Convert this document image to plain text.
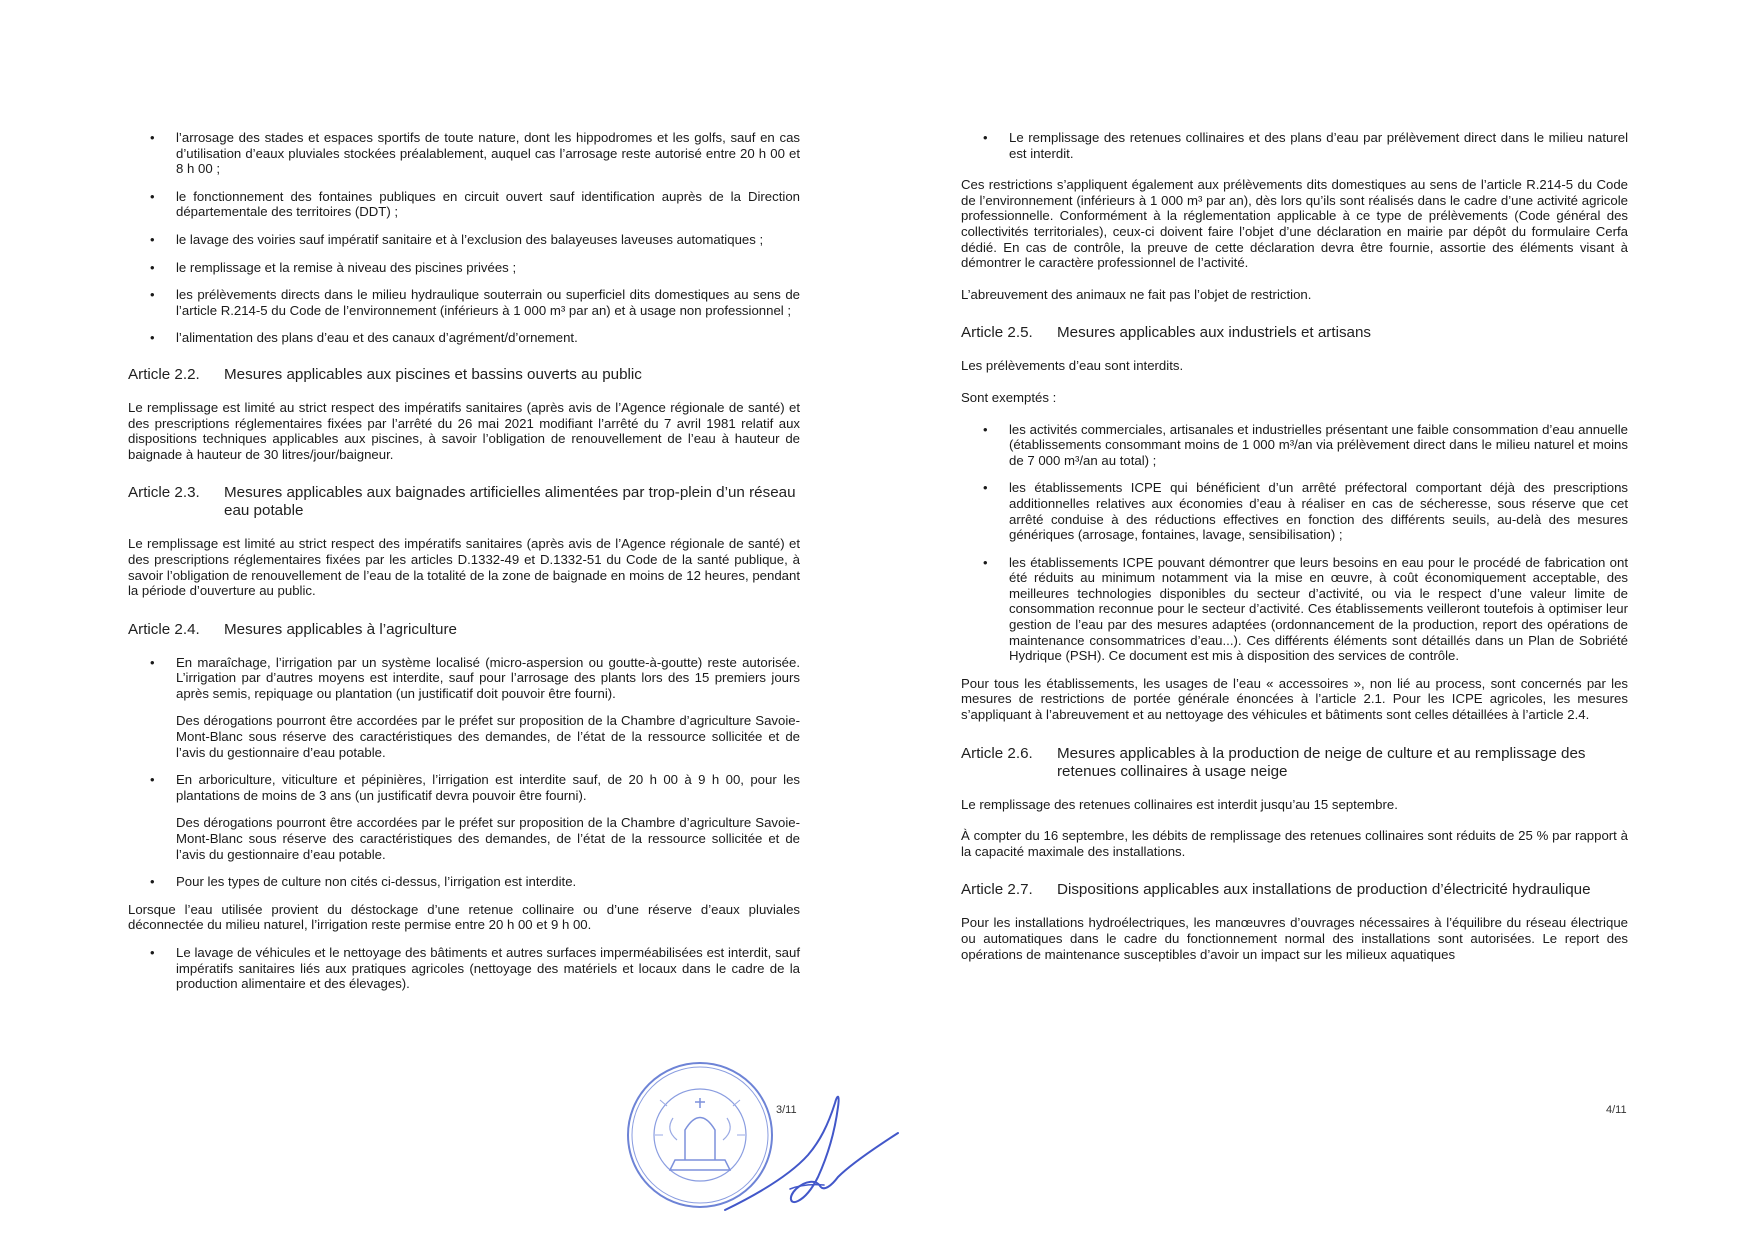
• l’arrosage des stades et espaces sportifs de toute nature, dont les hippodromes et les golfs, sauf en cas d’utilisation d’eaux pluviales stockées préalablement, auquel cas l’arrosage reste autorisé entre 20 h 00 et 8 h 00 ;
• le fonctionnement des fontaines publiques en circuit ouvert sauf identification auprès de la Direction départementale des territoires (DDT) ;
• le lavage des voiries sauf impératif sanitaire et à l’exclusion des balayeuses laveuses automatiques ;
• le remplissage et la remise à niveau des piscines privées ;
• les prélèvements directs dans le milieu hydraulique souterrain ou superficiel dits domestiques au sens de l’article R.214-5 du Code de l’environnement (inférieurs à 1 000 m³ par an) et à usage non professionnel ;
• l’alimentation des plans d’eau et des canaux d’agrément/d’ornement.
Article 2.2.	Mesures applicables aux piscines et bassins ouverts au public

Le remplissage est limité au strict respect des impératifs sanitaires (après avis de l’Agence régionale de santé) et des prescriptions réglementaires fixées par l’arrêté du 26 mai 2021 modifiant l’arrêté du 7 avril 1981 relatif aux dispositions techniques applicables aux piscines, à savoir l’obligation de renouvellement de l’eau à hauteur de baignade à hauteur de 30 litres/jour/baigneur.

Article 2.3.	Mesures applicables aux baignades artificielles alimentées par trop-plein d’un réseau eau potable

Le remplissage est limité au strict respect des impératifs sanitaires (après avis de l’Agence régionale de santé) et des prescriptions réglementaires fixées par les articles D.1332-49 et D.1332-51 du Code de la santé publique, à savoir l’obligation de renouvellement de l’eau de la totalité de la zone de baignade en moins de 12 heures, pendant la période d’ouverture au public.

Article 2.4.	Mesures applicables à l’agriculture
• En maraîchage, l’irrigation par un système localisé (micro-aspersion ou goutte-à-goutte) reste autorisée. L’irrigation par d’autres moyens est interdite, sauf pour l’arrosage des plants lors des 15 premiers jours après semis, repiquage ou plantation (un justificatif doit pouvoir être fourni).
Des dérogations pourront être accordées par le préfet sur proposition de la Chambre d’agriculture Savoie-Mont-Blanc sous réserve des caractéristiques des demandes, de l’état de la ressource sollicitée et de l’avis du gestionnaire d’eau potable.
• En arboriculture, viticulture et pépinières, l’irrigation est interdite sauf, de 20 h 00 à 9 h 00, pour les plantations de moins de 3 ans (un justificatif devra pouvoir être fourni).
Des dérogations pourront être accordées par le préfet sur proposition de la Chambre d’agriculture Savoie-Mont-Blanc sous réserve des caractéristiques des demandes, de l’état de la ressource sollicitée et de l’avis du gestionnaire d’eau potable.
• Pour les types de culture non cités ci-dessus, l’irrigation est interdite.

Lorsque l’eau utilisée provient du déstockage d’une retenue collinaire ou d’une réserve d’eaux pluviales déconnectée du milieu naturel, l’irrigation reste permise entre 20 h 00 et 9 h 00.

• Le lavage de véhicules et le nettoyage des bâtiments et autres surfaces imperméabilisées est interdit, sauf impératifs sanitaires liés aux pratiques agricoles (nettoyage des matériels et locaux dans le cadre de la production alimentaire et des élevages).
3/11
• Le remplissage des retenues collinaires et des plans d’eau par prélèvement direct dans le milieu naturel est interdit.

Ces restrictions s’appliquent également aux prélèvements dits domestiques au sens de l’article R.214-5 du Code de l’environnement (inférieurs à 1 000 m³ par an), dès lors qu’ils sont réalisés dans le cadre d’une activité agricole professionnelle. Conformément à la réglementation applicable à ce type de prélèvements (Code général des collectivités territoriales), ceux-ci doivent faire l’objet d’une déclaration en mairie par dépôt du formulaire Cerfa dédié. En cas de contrôle, la preuve de cette déclaration devra être fournie, assortie des éléments visant à démontrer le caractère professionnel de l’activité.

L’abreuvement des animaux ne fait pas l’objet de restriction.

Article 2.5.	Mesures applicables aux industriels et artisans

Les prélèvements d’eau sont interdits.

Sont exemptés :

• les activités commerciales, artisanales et industrielles présentant une faible consommation d’eau annuelle (établissements consommant moins de 1 000 m³/an via prélèvement direct dans le milieu naturel et moins de 7 000 m³/an au total) ;
• les établissements ICPE qui bénéficient d’un arrêté préfectoral comportant déjà des prescriptions additionnelles relatives aux économies d’eau à réaliser en cas de sécheresse, sous réserve que cet arrêté conduise à des réductions effectives en fonction des différents seuils, au-delà des mesures génériques (arrosage, fontaines, lavage, sensibilisation) ;
• les établissements ICPE pouvant démontrer que leurs besoins en eau pour le procédé de fabrication ont été réduits au minimum notamment via la mise en œuvre, à coût économiquement acceptable, des meilleures technologies disponibles du secteur d’activité, ou via le respect d’une valeur limite de consommation reconnue pour le secteur d’activité. Ces établissements veilleront toutefois à optimiser leur gestion de l’eau par des mesures adaptées (ordonnancement de la production, report des opérations de maintenance consommatrices d’eau...). Ces différents éléments sont détaillés dans un Plan de Sobriété Hydrique (PSH). Ce document est mis à disposition des services de contrôle.

Pour tous les établissements, les usages de l’eau « accessoires », non lié au process, sont concernés par les mesures de restrictions de portée générale énoncées à l’article 2.1. Pour les ICPE agricoles, les mesures s’appliquant à l’abreuvement et au nettoyage des véhicules et bâtiments sont celles détaillées à l’article 2.4.

Article 2.6.	Mesures applicables à la production de neige de culture et au remplissage des retenues collinaires à usage neige

Le remplissage des retenues collinaires est interdit jusqu’au 15 septembre.

À compter du 16 septembre, les débits de remplissage des retenues collinaires sont réduits de 25 % par rapport à la capacité maximale des installations.

Article 2.7.	Dispositions applicables aux installations de production d’électricité hydraulique

Pour les installations hydroélectriques, les manœuvres d’ouvrages nécessaires à l’équilibre du réseau électrique ou automatiques dans le cadre du fonctionnement normal des installations sont autorisées. Le report des opérations de maintenance susceptibles d’avoir un impact sur les milieux aquatiques

4/11
